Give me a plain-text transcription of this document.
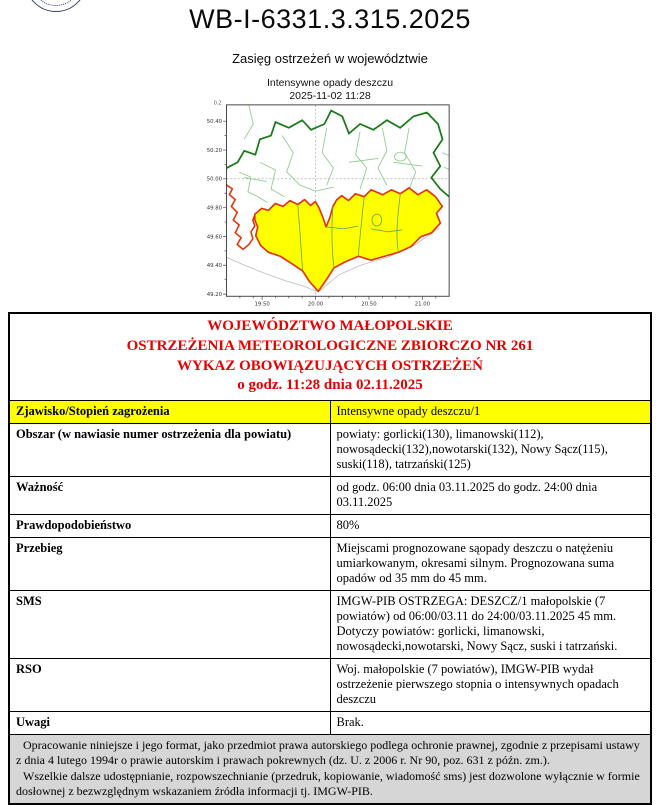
WB-I-6331.3.315.2025
Zasięg ostrzeżeń w województwie
Intensywne opady deszczu
2025-11-02 11:28
0.2
50.40
50.20
50.00
49.80
49.60
49.40
49.20
19.50	20.00	20.50	21.00
WOJEWÓDZTWO MAŁOPOLSKIE
OSTRZEŻENIA METEOROLOGICZNE ZBIORCZO NR 261
WYKAZ OBOWIĄZUJĄCYCH OSTRZEŻEŃ
o godz. 11:28 dnia 02.11.2025	

Zjawisko/Stopień zagrożenia	Intensywne opady deszczu/1
Obszar (w nawiasie numer ostrzeżenia dla powiatu)	powiaty: gorlicki(130), limanowski(112), nowosądecki(132),nowotarski(132), Nowy Sącz(115), suski(118), tatrzański(125)
Ważność	od godz. 06:00 dnia 03.11.2025 do godz. 24:00 dnia 03.11.2025
Prawdopodobieństwo	80%
Przebieg	Miejscami prognozowane sąopady deszczu o natężeniu umiarkowanym, okresami silnym. Prognozowana suma opadów od 35 mm do 45 mm.
SMS	IMGW-PIB OSTRZEGA: DESZCZ/1 małopolskie (7 powiatów) od 06:00/03.11 do 24:00/03.11.2025 45 mm. Dotyczy powiatów: gorlicki, limanowski, nowosądecki,nowotarski, Nowy Sącz, suski i tatrzański.
RSO	Woj. małopolskie (7 powiatów), IMGW-PIB wydał ostrzeżenie pierwszego stopnia o intensywnych opadach deszczu
Uwagi	Brak.

Opracowanie niniejsze i jego format, jako przedmiot prawa autorskiego podlega ochronie prawnej, zgodnie z przepisami ustawy z dnia 4 lutego 1994r o prawie autorskim i prawach pokrewnych (dz. U. z 2006 r. Nr 90, poz. 631 z późn. zm.).

Wszelkie dalsze udostępnianie, rozpowszechnianie (przedruk, kopiowanie, wiadomość sms) jest dozwolone wyłącznie w formie dosłownej z bezwzględnym wskazaniem źródła informacji tj. IMGW-PIB.	
